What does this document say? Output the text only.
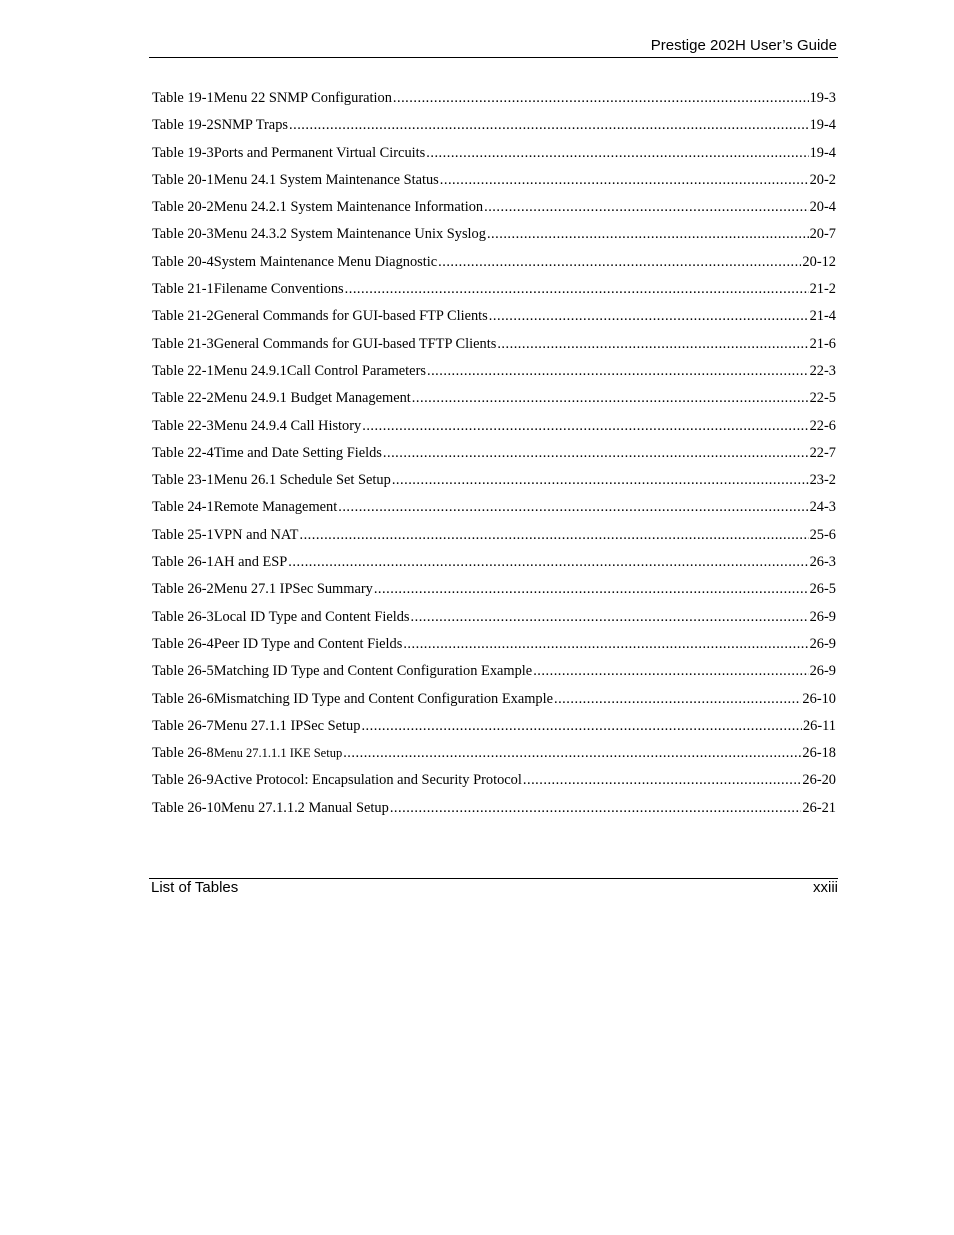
Prestige 202H User’s Guide
Table 19-1 Menu 22 SNMP Configuration .....	19-3
Table 19-2 SNMP Traps .....	19-4
Table 19-3 Ports and Permanent Virtual Circuits .....	19-4
Table 20-1 Menu 24.1 System Maintenance Status .....	20-2
Table 20-2 Menu 24.2.1 System Maintenance Information .....	20-4
Table 20-3 Menu 24.3.2 System Maintenance Unix Syslog .....	20-7
Table 20-4 System Maintenance Menu Diagnostic .....	20-12
Table 21-1 Filename Conventions .....	21-2
Table 21-2 General Commands for GUI-based FTP Clients .....	21-4
Table 21-3 General Commands for GUI-based TFTP Clients .....	21-6
Table 22-1 Menu 24.9.1Call Control Parameters .....	22-3
Table 22-2 Menu 24.9.1 Budget Management .....	22-5
Table 22-3 Menu 24.9.4 Call History .....	22-6
Table 22-4 Time and Date Setting Fields .....	22-7
Table 23-1 Menu 26.1 Schedule Set Setup .....	23-2
Table 24-1 Remote Management .....	24-3
Table 25-1 VPN and NAT .....	25-6
Table 26-1 AH and ESP .....	26-3
Table 26-2 Menu 27.1 IPSec Summary .....	26-5
Table 26-3 Local ID Type and Content Fields .....	26-9
Table 26-4 Peer ID Type and Content Fields .....	26-9
Table 26-5 Matching ID Type and Content Configuration Example .....	26-9
Table 26-6 Mismatching ID Type and Content Configuration Example .....	26-10
Table 26-7 Menu 27.1.1 IPSec Setup .....	26-11
Table 26-8 Menu 27.1.1.1 IKE Setup .....	26-18
Table 26-9 Active Protocol: Encapsulation and Security Protocol .....	26-20
Table 26-10 Menu 27.1.1.2 Manual Setup .....	26-21
List of Tables	xxiii
